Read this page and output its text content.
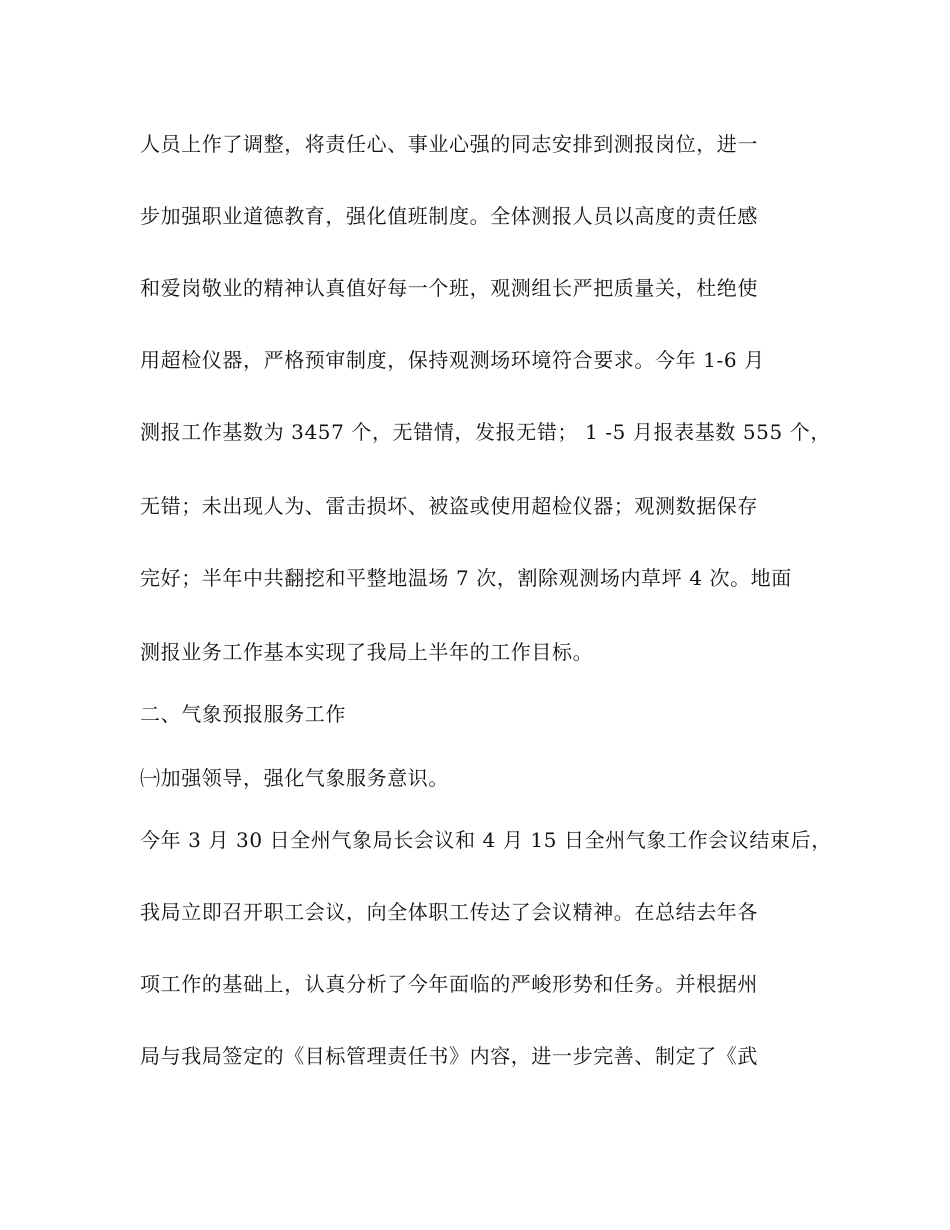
人员上作了调整，将责任心、事业心强的同志安排到测报岗位，进一
步加强职业道德教育，强化值班制度。全体测报人员以高度的责任感
和爱岗敬业的精神认真值好每一个班，观测组长严把质量关，杜绝使
用超检仪器，严格预审制度，保持观测场环境符合要求。今年 1-6 月
测报工作基数为 3457 个，无错情，发报无错； 1 -5 月报表基数 555 个，
无错；未出现人为、雷击损坏、被盗或使用超检仪器；观测数据保存
完好；半年中共翻挖和平整地温场 7 次，割除观测场内草坪 4 次。地面
测报业务工作基本实现了我局上半年的工作目标。
二、气象预报服务工作
㈠加强领导，强化气象服务意识。
今年 3 月 30 日全州气象局长会议和 4 月 15 日全州气象工作会议结束后，
我局立即召开职工会议，向全体职工传达了会议精神。在总结去年各
项工作的基础上，认真分析了今年面临的严峻形势和任务。并根据州
局与我局签定的《目标管理责任书》内容，进一步完善、制定了《武
